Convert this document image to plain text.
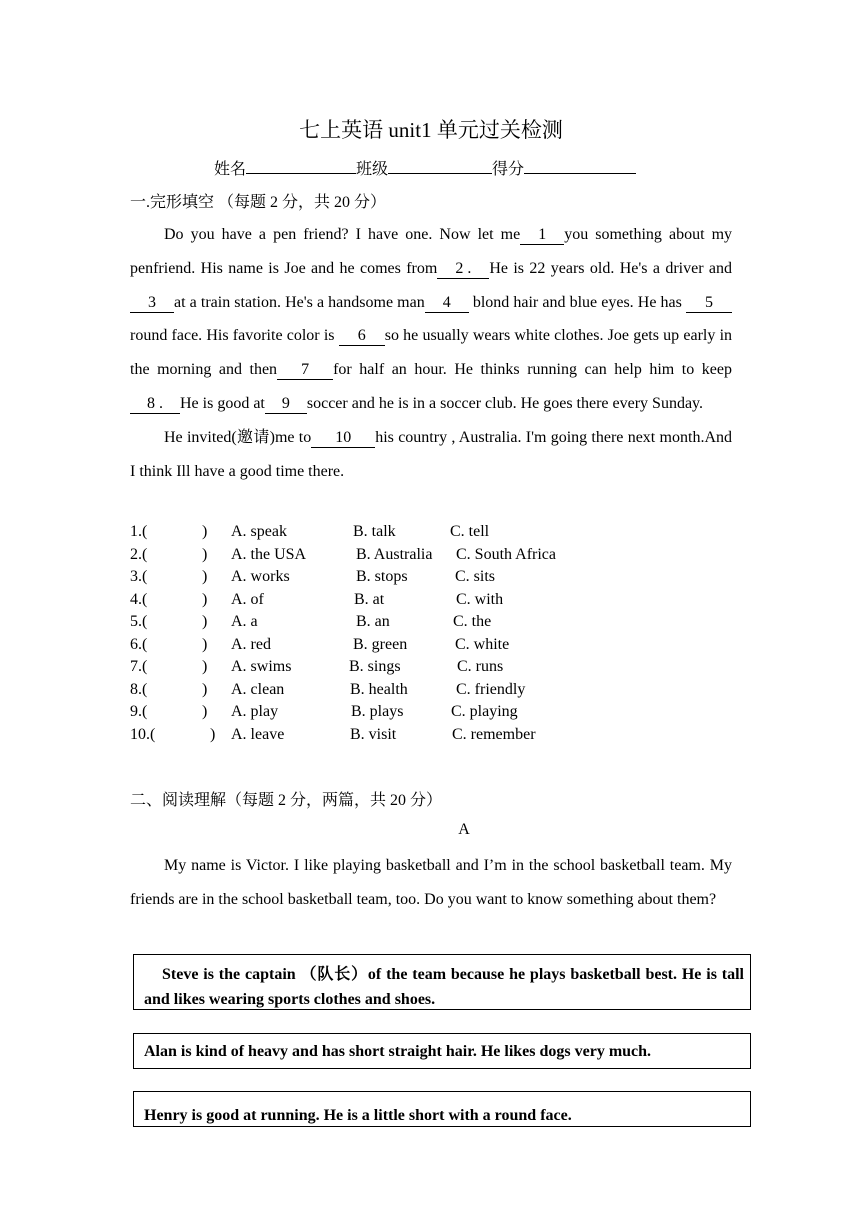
七上英语 unit1 单元过关检测
姓名	班级	得分
一.完形填空 （每题 2 分，共 20 分）

Do you have a pen friend? I have one. Now let me 1 you something about my penfriend. His name is Joe and he comes from 2 . He is 22 years old. He's a driver and3 at a train station. He's a handsome man 4 blond hair and blue eyes. He has 5round face. His favorite color is 6 so he usually wears white clothes. Joe gets up early in the morning and then 7 for half an hour. He thinks running can help him to keep8 . He is good at 9 soccer and he is in a soccer club. He goes there every Sunday.

He invited(邀请)me to 10 his country , Australia. I'm going there next month.And I think Ill have a good time there.

1.(	) A. speak	B. talk	C. tell
2.(	) A. the USA	B. Australia C. South Africa
3.(	) A. works	B. stops	C. sits
4.(	) A. of	B. at	C. with
5.(	) A. a	B. an	C. the
6.(	) A. red	B. green	C. white
7.(	) A. swims	B. sings	C. runs
8.(	) A. clean	B. health	C. friendly
9.(	) A. play	B. plays	C. playing
10.(	) A. leave	B. visit	C. remember
二、阅读理解（每题 2 分，两篇，共 20 分）
A

My name is Victor. I like playing basketball and I’m in the school basketball team. My friends are in the school basketball team, too. Do you want to know something about them?

Steve is the captain （队长）of the team because he plays basketball best. He is tall and likes wearing sports clothes and shoes.

Alan is kind of heavy and has short straight hair. He likes dogs very much.

Henry is good at running. He is a little short with a round face.
